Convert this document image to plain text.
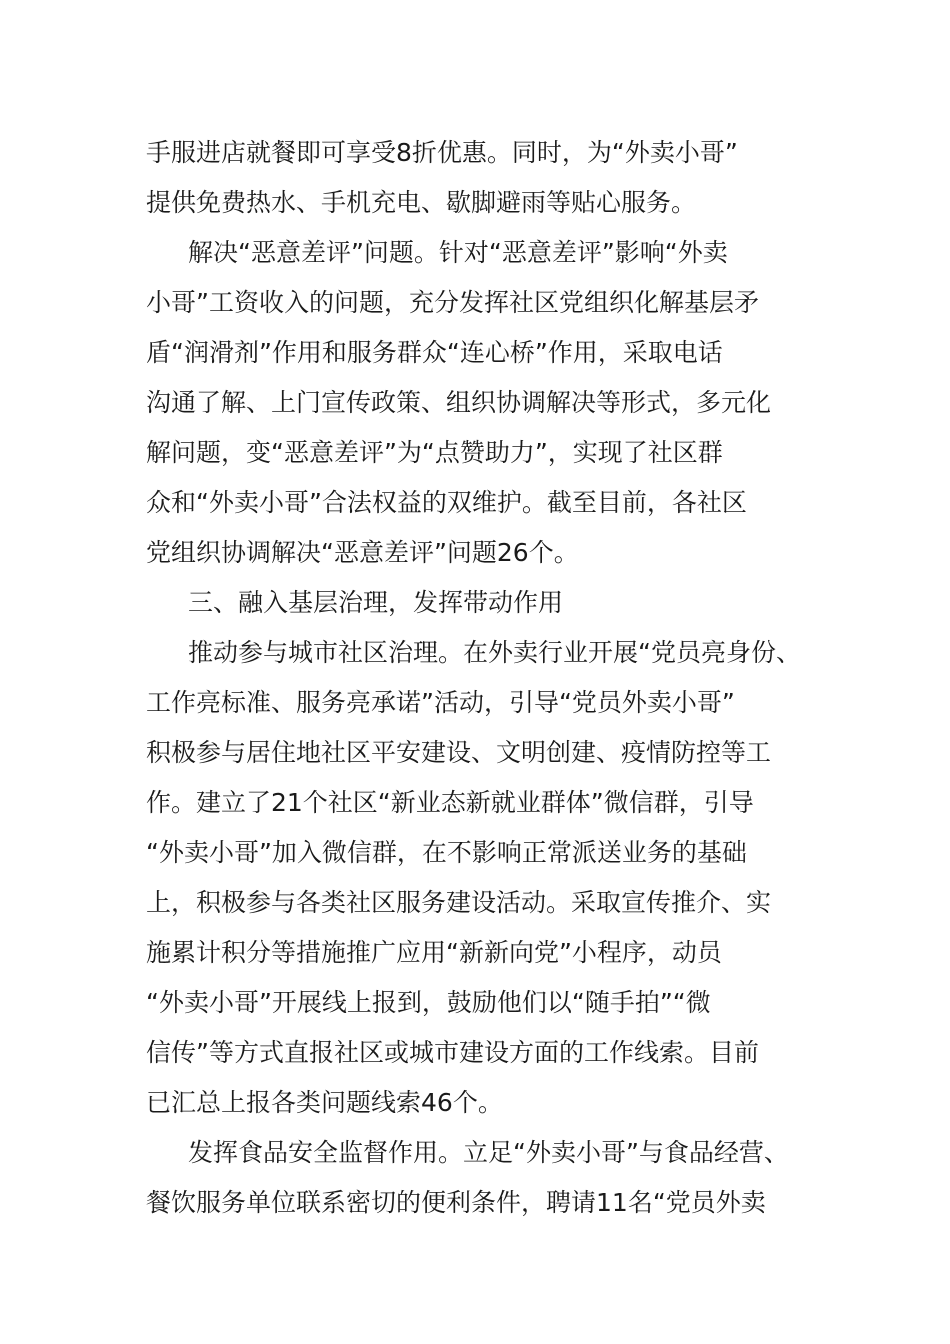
手服进店就餐即可享受8折优惠。同时，为“外卖小哥”
提供免费热水、手机充电、歇脚避雨等贴心服务。
解决“恶意差评”问题。针对“恶意差评”影响“外卖
小哥”工资收入的问题，充分发挥社区党组织化解基层矛
盾“润滑剂”作用和服务群众“连心桥”作用，采取电话
沟通了解、上门宣传政策、组织协调解决等形式，多元化
解问题，变“恶意差评”为“点赞助力”，实现了社区群
众和“外卖小哥”合法权益的双维护。截至目前，各社区
党组织协调解决“恶意差评”问题26个。
三、融入基层治理，发挥带动作用
推动参与城市社区治理。在外卖行业开展“党员亮身份、
工作亮标准、服务亮承诺”活动，引导“党员外卖小哥”
积极参与居住地社区平安建设、文明创建、疫情防控等工
作。建立了21个社区“新业态新就业群体”微信群，引导
“外卖小哥”加入微信群，在不影响正常派送业务的基础
上，积极参与各类社区服务建设活动。采取宣传推介、实
施累计积分等措施推广应用“新新向党”小程序，动员
“外卖小哥”开展线上报到，鼓励他们以“随手拍”“微
信传”等方式直报社区或城市建设方面的工作线索。目前
已汇总上报各类问题线索46个。
发挥食品安全监督作用。立足“外卖小哥”与食品经营、
餐饮服务单位联系密切的便利条件，聘请11名“党员外卖
